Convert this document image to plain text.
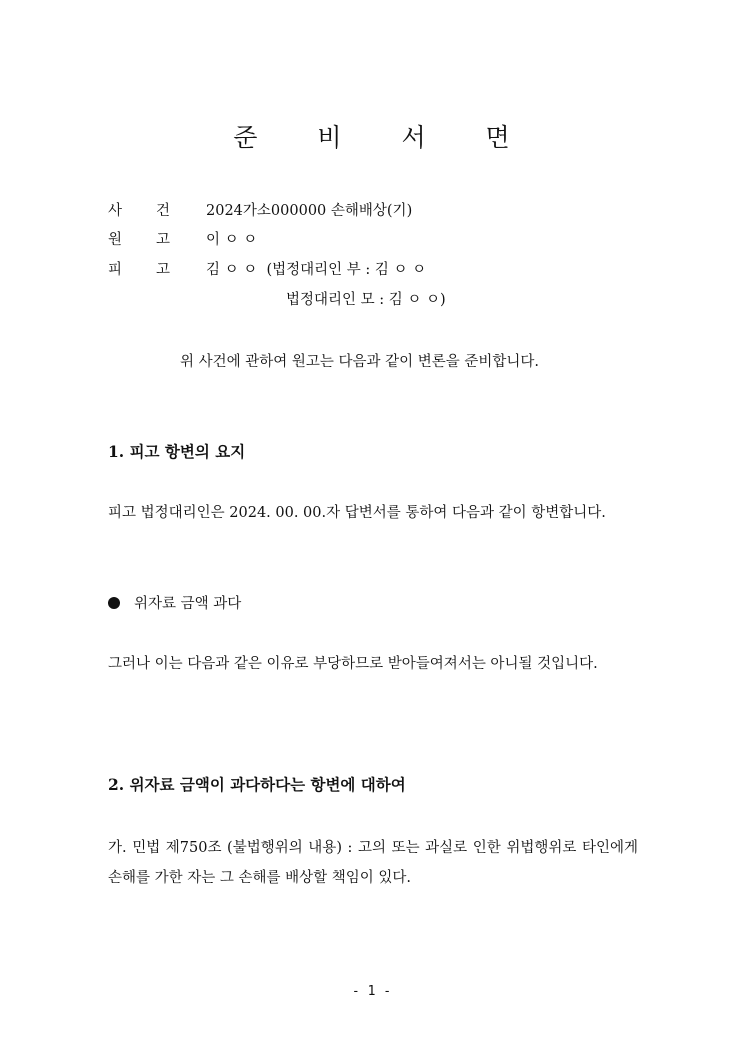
준 비 서 면
사 건 2024가소000000 손해배상(기)
원 고 이 ㅇ ㅇ
피 고 김 ㅇ ㅇ  (법정대리인 부 : 김 ㅇ ㅇ
법정대리인 모 : 김 ㅇ ㅇ)
위 사건에 관하여 원고는 다음과 같이 변론을 준비합니다.
1. 피고 항변의 요지
피고 법정대리인은 2024. 00. 00.자 답변서를 통하여 다음과 같이 항변합니다.
위자료 금액 과다
그러나 이는 다음과 같은 이유로 부당하므로 받아들여져서는 아니될 것입니다.
2. 위자료 금액이 과다하다는 항변에 대하여
가. 민법 제750조 (불법행위의 내용) : 고의 또는 과실로 인한 위법행위로 타인에게 손해를 가한 자는 그 손해를 배상할 책임이 있다.
- 1 -
